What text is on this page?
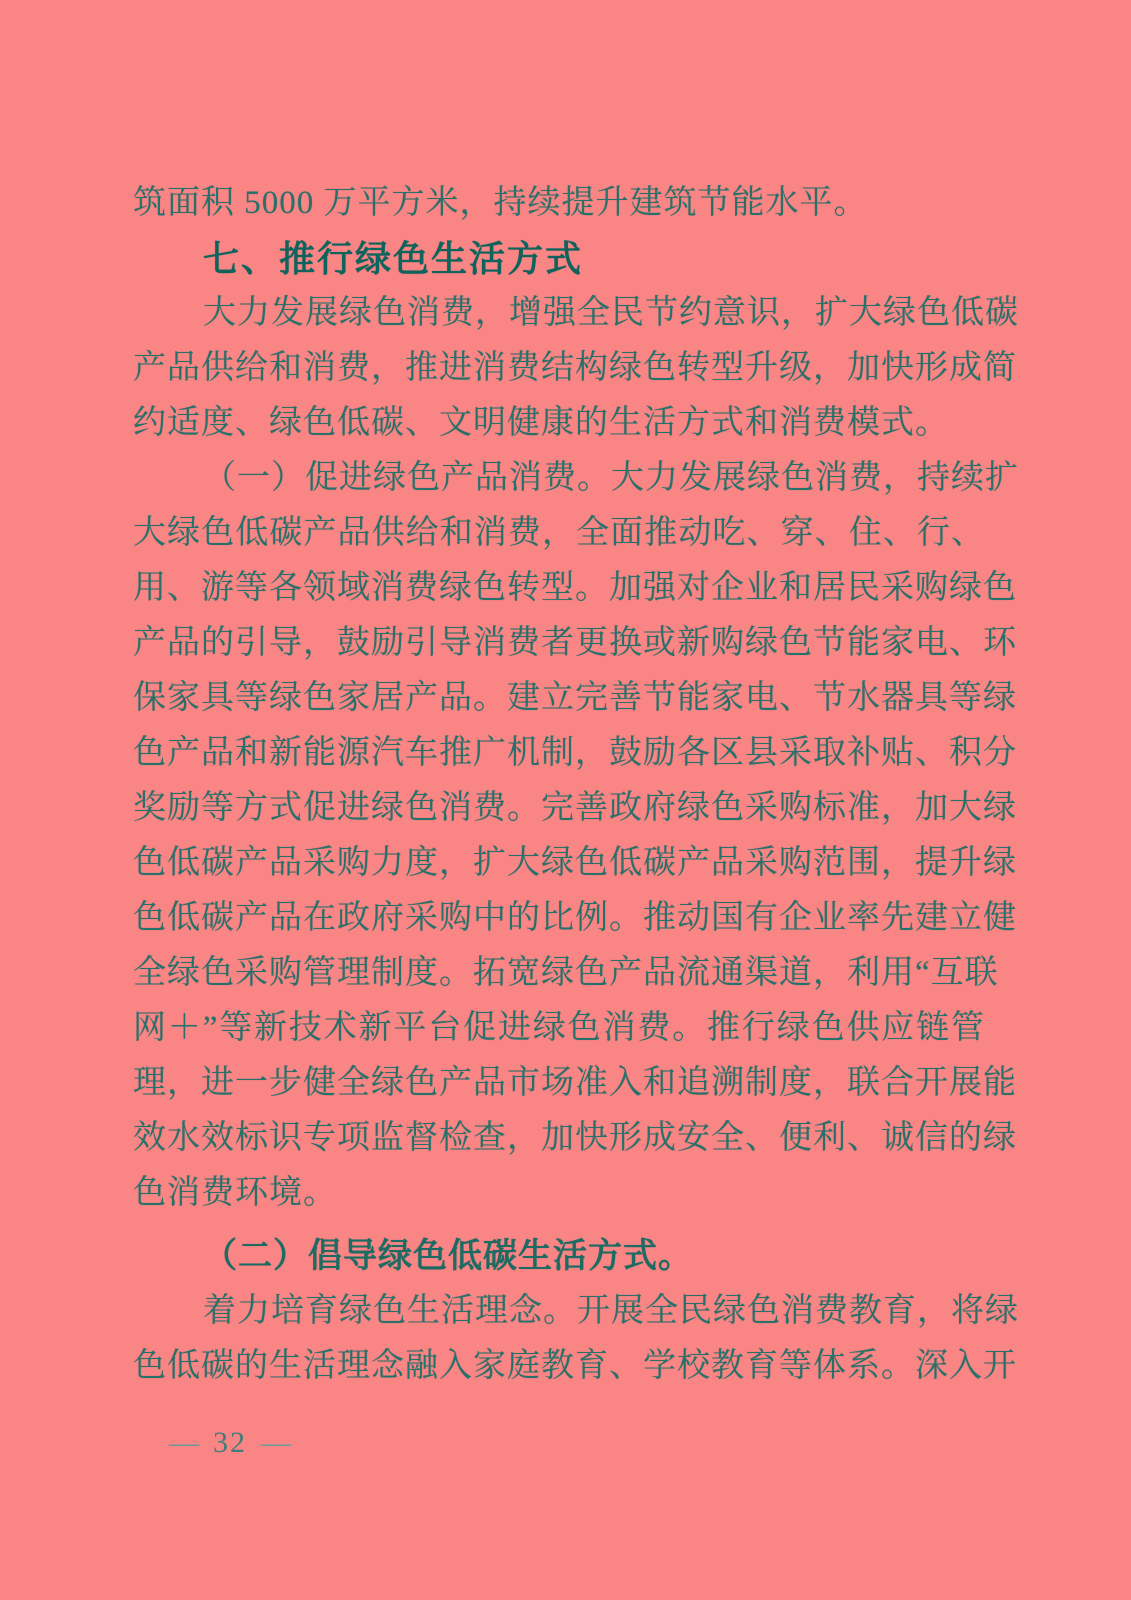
筑面积 5000 万平方米，持续提升建筑节能水平。
七、推行绿色生活方式
大力发展绿色消费，增强全民节约意识，扩大绿色低碳
产品供给和消费，推进消费结构绿色转型升级，加快形成简
约适度、绿色低碳、文明健康的生活方式和消费模式。
（一）促进绿色产品消费。大力发展绿色消费，持续扩
大绿色低碳产品供给和消费，全面推动吃、穿、住、行、
用、游等各领域消费绿色转型。加强对企业和居民采购绿色
产品的引导，鼓励引导消费者更换或新购绿色节能家电、环
保家具等绿色家居产品。建立完善节能家电、节水器具等绿
色产品和新能源汽车推广机制，鼓励各区县采取补贴、积分
奖励等方式促进绿色消费。完善政府绿色采购标准，加大绿
色低碳产品采购力度，扩大绿色低碳产品采购范围，提升绿
色低碳产品在政府采购中的比例。推动国有企业率先建立健
全绿色采购管理制度。拓宽绿色产品流通渠道，利用“互联
网＋”等新技术新平台促进绿色消费。推行绿色供应链管
理，进一步健全绿色产品市场准入和追溯制度，联合开展能
效水效标识专项监督检查，加快形成安全、便利、诚信的绿
色消费环境。
（二）倡导绿色低碳生活方式。
着力培育绿色生活理念。开展全民绿色消费教育，将绿
色低碳的生活理念融入家庭教育、学校教育等体系。深入开
— 32 —
